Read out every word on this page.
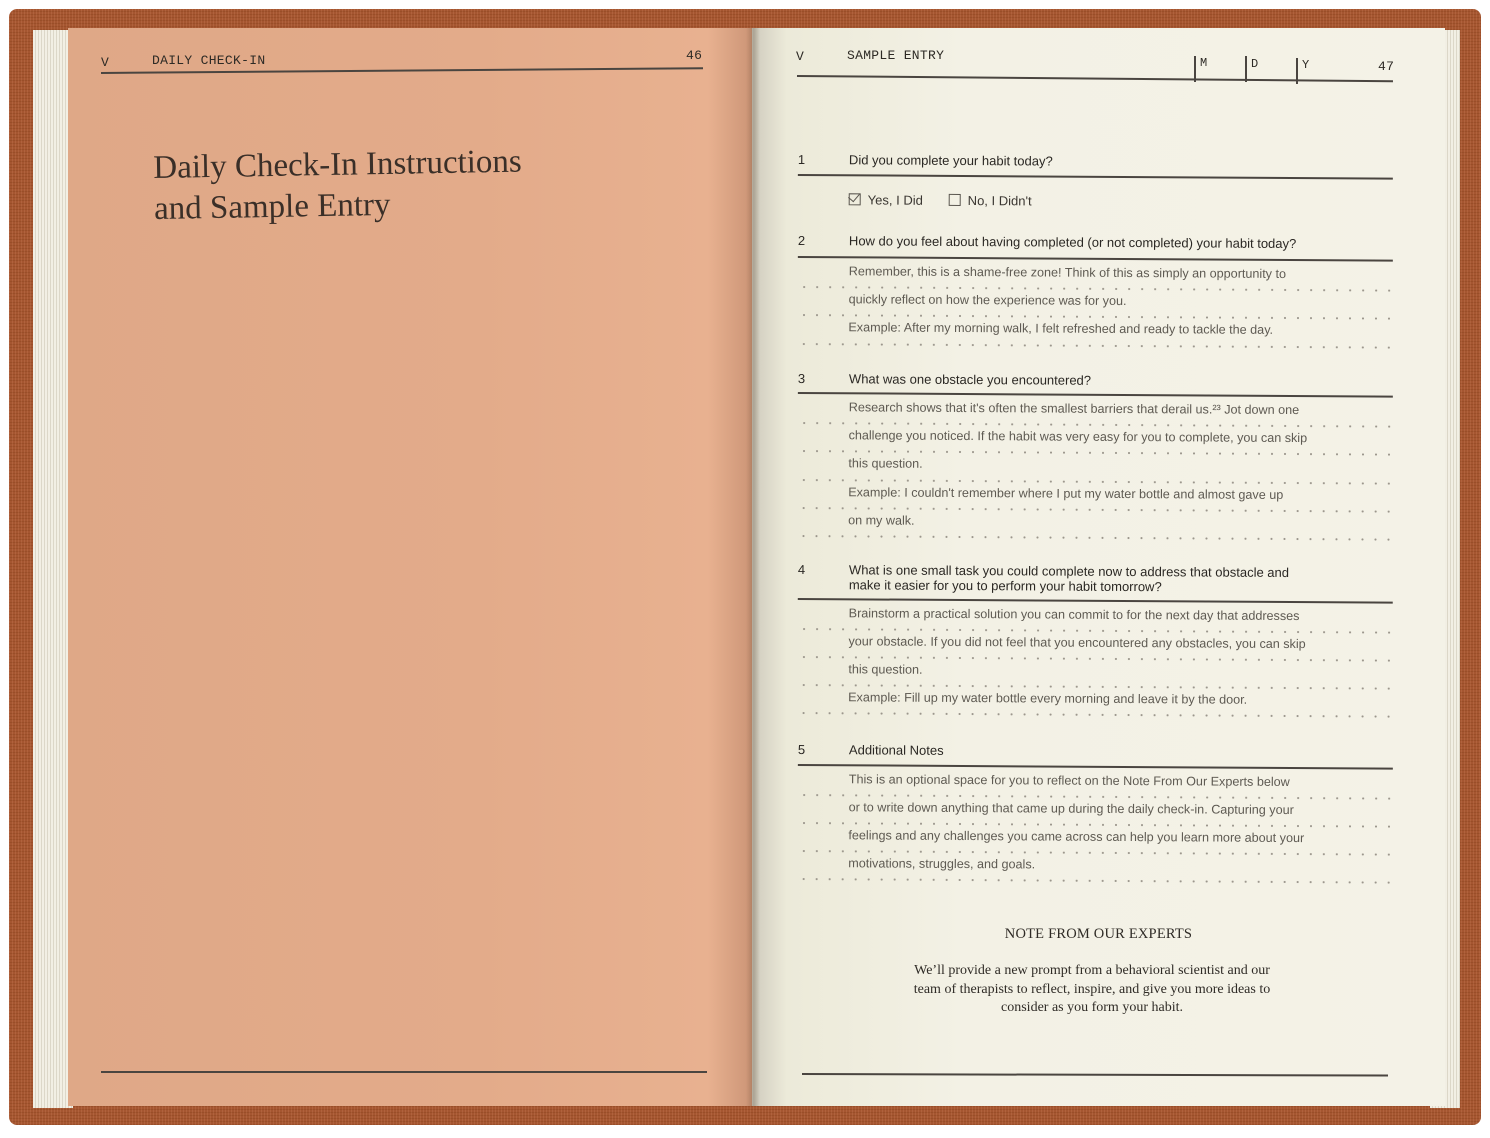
V	DAILY CHECK-IN	46
Daily Check-In Instructions
and Sample Entry
V	SAMPLE ENTRY	M	D	Y	47
1	Did you complete your habit today?
Yes, I Did	No, I Didn't
2	How do you feel about having completed (or not completed) your habit today?
Remember, this is a shame-free zone! Think of this as simply an opportunity to
quickly reflect on how the experience was for you.
Example: After my morning walk, I felt refreshed and ready to tackle the day.
3	What was one obstacle you encountered?
Research shows that it's often the smallest barriers that derail us.²³ Jot down one
challenge you noticed. If the habit was very easy for you to complete, you can skip
this question.
Example: I couldn't remember where I put my water bottle and almost gave up
on my walk.
4	What is one small task you could complete now to address that obstacle and
make it easier for you to perform your habit tomorrow?
Brainstorm a practical solution you can commit to for the next day that addresses
your obstacle. If you did not feel that you encountered any obstacles, you can skip
this question.
Example: Fill up my water bottle every morning and leave it by the door.
5	Additional Notes
This is an optional space for you to reflect on the Note From Our Experts below
or to write down anything that came up during the daily check-in. Capturing your
feelings and any challenges you came across can help you learn more about your
motivations, struggles, and goals.
NOTE FROM OUR EXPERTS
We’ll provide a new prompt from a behavioral scientist and our
team of therapists to reflect, inspire, and give you more ideas to
consider as you form your habit.
